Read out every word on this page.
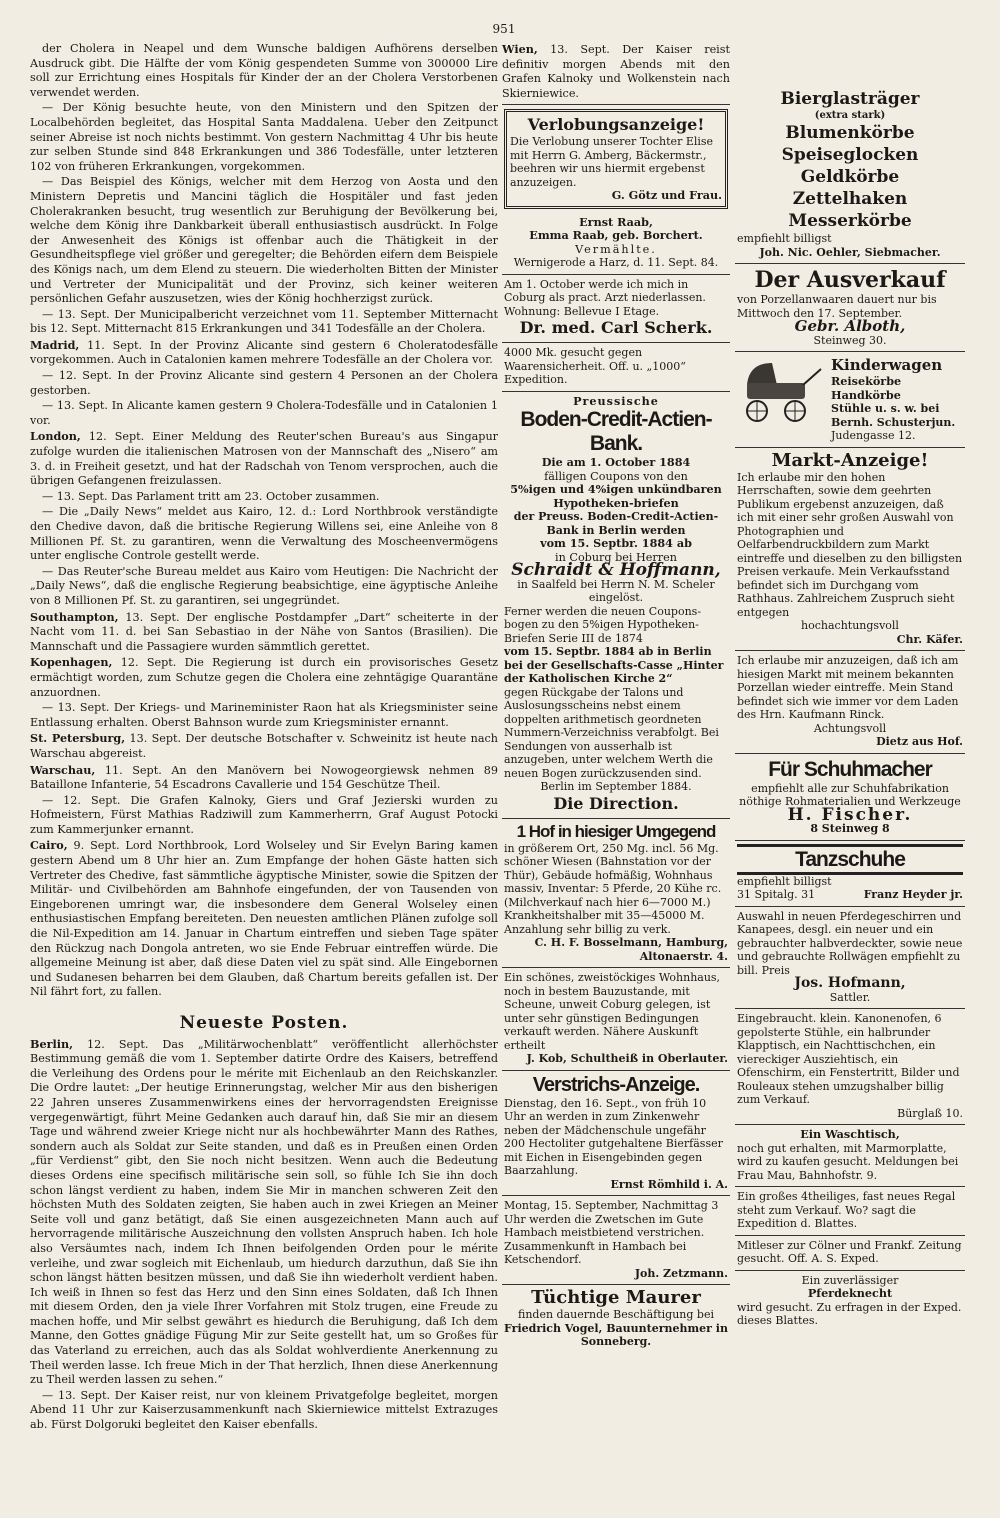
951

der Cholera in Neapel und dem Wunsche baldigen Aufhörens derselben Ausdruck gibt. Die Hälfte der vom König gespendeten Summe von 300000 Lire soll zur Errichtung eines Hospitals für Kinder der an der Cholera Verstorbenen verwendet werden.

— Der König besuchte heute, von den Ministern und den Spitzen der Localbehörden begleitet, das Hospital Santa Maddalena. Ueber den Zeitpunct seiner Abreise ist noch nichts bestimmt. Von gestern Nachmittag 4 Uhr bis heute zur selben Stunde sind 848 Erkrankungen und 386 Todesfälle, unter letzteren 102 von früheren Erkrankungen, vorgekommen.

— Das Beispiel des Königs, welcher mit dem Herzog von Aosta und den Ministern Depretis und Mancini täglich die Hospitäler und fast jeden Cholerakranken besucht, trug wesentlich zur Beruhigung der Bevölkerung bei, welche dem König ihre Dankbarkeit überall enthusiastisch ausdrückt. In Folge der Anwesenheit des Königs ist offenbar auch die Thätigkeit in der Gesundheitspflege viel größer und geregelter; die Behörden eifern dem Beispiele des Königs nach, um dem Elend zu steuern. Die wiederholten Bitten der Minister und Vertreter der Municipalität und der Provinz, sich keiner weiteren persönlichen Gefahr auszusetzen, wies der König hochherzigst zurück.

— 13. Sept. Der Municipalbericht verzeichnet vom 11. September Mitternacht bis 12. Sept. Mitternacht 815 Erkrankungen und 341 Todesfälle an der Cholera.

Madrid, 11. Sept. In der Provinz Alicante sind gestern 6 Choleratodesfälle vorgekommen. Auch in Catalonien kamen mehrere Todesfälle an der Cholera vor.

— 12. Sept. In der Provinz Alicante sind gestern 4 Personen an der Cholera gestorben.

— 13. Sept. In Alicante kamen gestern 9 Cholera-Todesfälle und in Catalonien 1 vor.

London, 12. Sept. Einer Meldung des Reuter'schen Bureau's aus Singapur zufolge wurden die italienischen Matrosen von der Mannschaft des „Nisero“ am 3. d. in Freiheit gesetzt, und hat der Radschah von Tenom versprochen, auch die übrigen Gefangenen freizulassen.

— 13. Sept. Das Parlament tritt am 23. October zusammen.

— Die „Daily News“ meldet aus Kairo, 12. d.: Lord Northbrook verständigte den Chedive davon, daß die britische Regierung Willens sei, eine Anleihe von 8 Millionen Pf. St. zu garantiren, wenn die Verwaltung des Moscheenvermögens unter englische Controle gestellt werde.

— Das Reuter'sche Bureau meldet aus Kairo vom Heutigen: Die Nachricht der „Daily News“, daß die englische Regierung beabsichtige, eine ägyptische Anleihe von 8 Millionen Pf. St. zu garantiren, sei ungegründet.

Southampton, 13. Sept. Der englische Postdampfer „Dart“ scheiterte in der Nacht vom 11. d. bei San Sebastiao in der Nähe von Santos (Brasilien). Die Mannschaft und die Passagiere wurden sämmtlich gerettet.

Kopenhagen, 12. Sept. Die Regierung ist durch ein provisorisches Gesetz ermächtigt worden, zum Schutze gegen die Cholera eine zehntägige Quarantäne anzuordnen.

— 13. Sept. Der Kriegs- und Marineminister Raon hat als Kriegsminister seine Entlassung erhalten. Oberst Bahnson wurde zum Kriegsminister ernannt.

St. Petersburg, 13. Sept. Der deutsche Botschafter v. Schweinitz ist heute nach Warschau abgereist.

Warschau, 11. Sept. An den Manövern bei Nowogeorgiewsk nehmen 89 Bataillone Infanterie, 54 Escadrons Cavallerie und 154 Geschütze Theil.

— 12. Sept. Die Grafen Kalnoky, Giers und Graf Jezierski wurden zu Hofmeistern, Fürst Mathias Radziwill zum Kammerherrn, Graf August Potocki zum Kammerjunker ernannt.

Cairo, 9. Sept. Lord Northbrook, Lord Wolseley und Sir Evelyn Baring kamen gestern Abend um 8 Uhr hier an. Zum Empfange der hohen Gäste hatten sich Vertreter des Chedive, fast sämmtliche ägyptische Minister, sowie die Spitzen der Militär- und Civilbehörden am Bahnhofe eingefunden, der von Tausenden von Eingeborenen umringt war, die insbesondere dem General Wolseley einen enthusiastischen Empfang bereiteten. Den neuesten amtlichen Plänen zufolge soll die Nil-Expedition am 14. Januar in Chartum eintreffen und sieben Tage später den Rückzug nach Dongola antreten, wo sie Ende Februar eintreffen würde. Die allgemeine Meinung ist aber, daß diese Daten viel zu spät sind. Alle Eingebornen und Sudanesen beharren bei dem Glauben, daß Chartum bereits gefallen ist. Der Nil fährt fort, zu fallen.

Neueste Posten.

Berlin, 12. Sept. Das „Militärwochenblatt“ veröffentlicht allerhöchster Bestimmung gemäß die vom 1. September datirte Ordre des Kaisers, betreffend die Verleihung des Ordens pour le mérite mit Eichenlaub an den Reichskanzler. Die Ordre lautet: „Der heutige Erinnerungstag, welcher Mir aus den bisherigen 22 Jahren unseres Zusammenwirkens eines der hervorragendsten Ereignisse vergegenwärtigt, führt Meine Gedanken auch darauf hin, daß Sie mir an diesem Tage und während zweier Kriege nicht nur als hochbewährter Mann des Rathes, sondern auch als Soldat zur Seite standen, und daß es in Preußen einen Orden „für Verdienst“ gibt, den Sie noch nicht besitzen. Wenn auch die Bedeutung dieses Ordens eine specifisch militärische sein soll, so fühle Ich Sie ihn doch schon längst verdient zu haben, indem Sie Mir in manchen schweren Zeit den höchsten Muth des Soldaten zeigten, Sie haben auch in zwei Kriegen an Meiner Seite voll und ganz betätigt, daß Sie einen ausgezeichneten Mann auch auf hervorragende militärische Auszeichnung den vollsten Anspruch haben. Ich hole also Versäumtes nach, indem Ich Ihnen beifolgenden Orden pour le mérite verleihe, und zwar sogleich mit Eichenlaub, um hiedurch darzuthun, daß Sie ihn schon längst hätten besitzen müssen, und daß Sie ihn wiederholt verdient haben. Ich weiß in Ihnen so fest das Herz und den Sinn eines Soldaten, daß Ich Ihnen mit diesem Orden, den ja viele Ihrer Vorfahren mit Stolz trugen, eine Freude zu machen hoffe, und Mir selbst gewährt es hiedurch die Beruhigung, daß Ich dem Manne, den Gottes gnädige Fügung Mir zur Seite gestellt hat, um so Großes für das Vaterland zu erreichen, auch das als Soldat wohlverdiente Anerkennung zu Theil werden lasse. Ich freue Mich in der That herzlich, Ihnen diese Anerkennung zu Theil werden lassen zu sehen.“

— 13. Sept. Der Kaiser reist, nur von kleinem Privatgefolge begleitet, morgen Abend 11 Uhr zur Kaiserzusammenkunft nach Skierniewice mittelst Extrazuges ab. Fürst Dolgoruki begleitet den Kaiser ebenfalls.

Wien, 13. Sept. Der Kaiser reist definitiv morgen Abends mit den Grafen Kalnoky und Wolkenstein nach Skierniewice.

Verlobungsanzeige!
Die Verlobung unserer Tochter Elise mit Herrn G. Amberg, Bäckermstr., beehren wir uns hiermit ergebenst anzuzeigen.
G. Götz und Frau.
Ernst Raab,
Emma Raab, geb. Borchert.
Vermählte.
Wernigerode a Harz, d. 11. Sept. 84.
Am 1. October werde ich mich in Coburg als pract. Arzt niederlassen. Wohnung: Bellevue I Etage.
Dr. med. Carl Scherk.
4000 Mk. gesucht gegen Waarensicherheit. Off. u. „1000“ Expedition.
Preussische
Boden-Credit-Actien-Bank.
Die am 1. October 1884
fälligen Coupons von den
5%igen und 4%igen unkündbaren Hypotheken-briefen
der Preuss. Boden-Credit-Actien-Bank in Berlin werden
vom 15. Septbr. 1884 ab
in Coburg bei Herren
Schraidt & Hoffmann,
in Saalfeld bei Herrn N. M. Scheler eingelöst.
Ferner werden die neuen Coupons-bogen zu den 5%igen Hypotheken-Briefen Serie III de 1874
vom 15. Septbr. 1884 ab in Berlin bei der Gesellschafts-Casse „Hinter der Katholischen Kirche 2“
gegen Rückgabe der Talons und Auslosungsscheins nebst einem doppelten arithmetisch geordneten Nummern-Verzeichniss verabfolgt. Bei Sendungen von ausserhalb ist anzugeben, unter welchem Werth die neuen Bogen zurückzusenden sind.
Berlin im September 1884.
Die Direction.
1 Hof in hiesiger Umgegend
in größerem Ort, 250 Mg. incl. 56 Mg. schöner Wiesen (Bahnstation vor der Thür), Gebäude hofmäßig, Wohnhaus massiv, Inventar: 5 Pferde, 20 Kühe rc. (Milchverkauf nach hier 6—7000 M.) Krankheitshalber mit 35—45000 M. Anzahlung sehr billig zu verk.
C. H. F. Bosselmann, Hamburg, Altonaerstr. 4.
Ein schönes, zweistöckiges Wohnhaus, noch in bestem Bauzustande, mit Scheune, unweit Coburg gelegen, ist unter sehr günstigen Bedingungen verkauft werden. Nähere Auskunft ertheilt
J. Kob, Schultheiß in Oberlauter.
Verstrichs-Anzeige.
Dienstag, den 16. Sept., von früh 10 Uhr an werden in zum Zinkenwehr neben der Mädchenschule ungefähr 200 Hectoliter gutgehaltene Bierfässer mit Eichen in Eisengebinden gegen Baarzahlung.
Ernst Römhild i. A.
Montag, 15. September, Nachmittag 3 Uhr werden die Zwetschen im Gute Hambach meistbietend verstrichen. Zusammenkunft in Hambach bei Ketschendorf.
Joh. Zetzmann.
Tüchtige Maurer
finden dauernde Beschäftigung bei
Friedrich Vogel, Bauunternehmer in Sonneberg.
Bierglasträger
(extra stark)
Blumenkörbe
Speiseglocken
Geldkörbe
Zettelhaken
Messerkörbe
empfiehlt billigst
Joh. Nic. Oehler, Siebmacher.
Der Ausverkauf
von Porzellanwaaren dauert nur bis Mittwoch den 17. September.
Gebr. Alboth,
Steinweg 30.
Kinderwagen
Reisekörbe
Handkörbe
Stühle u. s. w. bei
Bernh. Schusterjun.
Judengasse 12.
Markt-Anzeige!
Ich erlaube mir den hohen Herrschaften, sowie dem geehrten Publikum ergebenst anzuzeigen, daß ich mit einer sehr großen Auswahl von Photographien und Oelfarbendruckbildern zum Markt eintreffe und dieselben zu den billigsten Preisen verkaufe. Mein Verkaufsstand befindet sich im Durchgang vom Rathhaus. Zahlreichem Zuspruch sieht entgegen
hochachtungsvoll
Chr. Käfer.
Ich erlaube mir anzuzeigen, daß ich am hiesigen Markt mit meinem bekannten Porzellan wieder eintreffe. Mein Stand befindet sich wie immer vor dem Laden des Hrn. Kaufmann Rinck.
Achtungsvoll
Dietz aus Hof.
Für Schuhmacher
empfiehlt alle zur Schuhfabrikation nöthige Rohmaterialien und Werkzeuge
H. Fischer.
8 Steinweg 8
Tanzschuhe
empfiehlt billigst
31 Spitalg. 31	Franz Heyder jr.
Auswahl in neuen Pferdegeschirren und Kanapees, desgl. ein neuer und ein gebrauchter halbverdeckter, sowie neue und gebrauchte Rollwägen empfiehlt zu bill. Preis
Jos. Hofmann,
Sattler.
Eingebraucht. klein. Kanonenofen, 6 gepolsterte Stühle, ein halbrunder Klapptisch, ein Nachttischchen, ein viereckiger Ausziehtisch, ein Ofenschirm, ein Fenstertritt, Bilder und Rouleaux stehen umzugshalber billig zum Verkauf.
Bürglaß 10.
Ein Waschtisch,
noch gut erhalten, mit Marmorplatte, wird zu kaufen gesucht. Meldungen bei Frau Mau, Bahnhofstr. 9.
Ein großes 4theiliges, fast neues Regal steht zum Verkauf. Wo? sagt die Expedition d. Blattes.
Mitleser zur Cölner und Frankf. Zeitung gesucht. Off. A. S. Exped.
Ein zuverlässiger
Pferdeknecht
wird gesucht. Zu erfragen in der Exped. dieses Blattes.
